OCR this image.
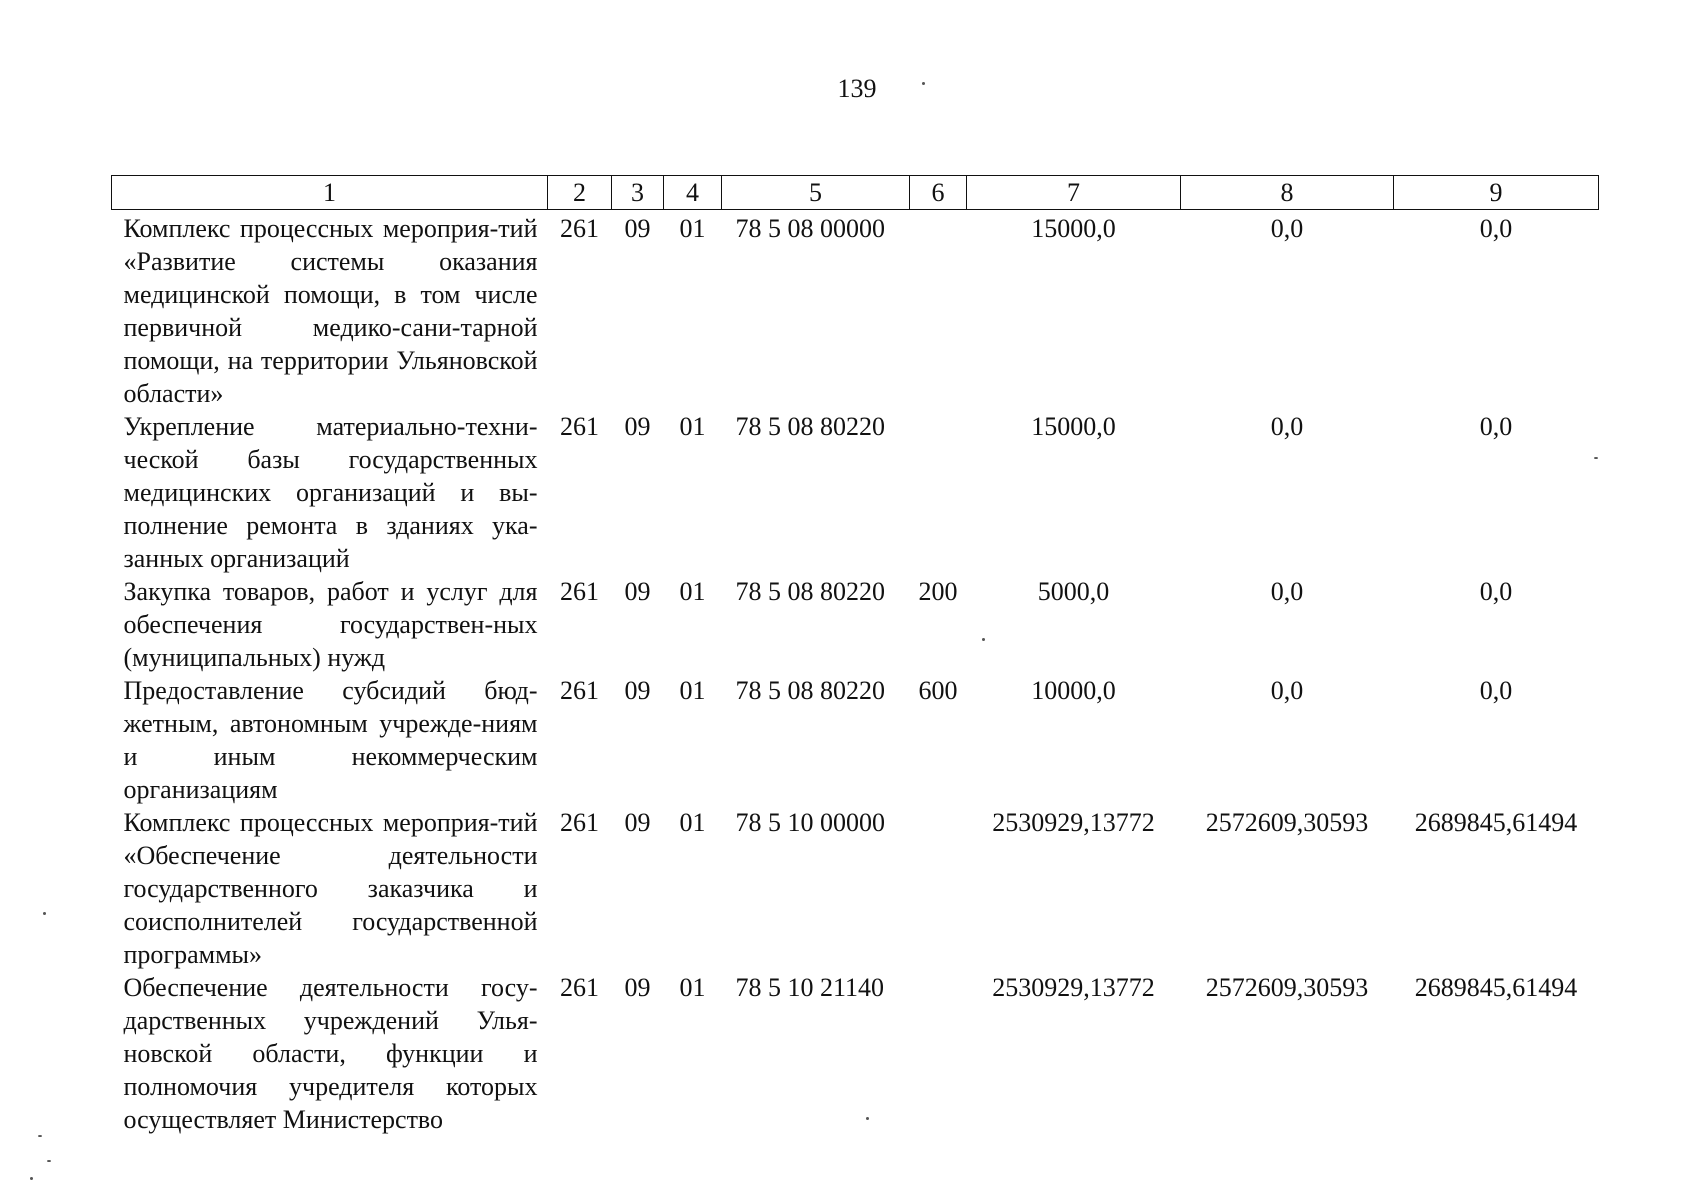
139
1	2	3	4	5	6	7	8	9
Комплекс процессных мероприя-тий «Развитие системы оказания медицинской помощи, в том числе первичной медико-сани-тарной помощи, на территории Ульяновской области»	261	09	01	78 5 08 00000		15000,0	0,0	0,0
Укрепление материально-техни-ческой базы государственных медицинских организаций и вы-полнение ремонта в зданиях ука-занных организаций	261	09	01	78 5 08 80220		15000,0	0,0	0,0
Закупка товаров, работ и услуг для обеспечения государствен-ных (муниципальных) нужд	261	09	01	78 5 08 80220	200	5000,0	0,0	0,0
Предоставление субсидий бюд-жетным, автономным учрежде-ниям и иным некоммерческим организациям	261	09	01	78 5 08 80220	600	10000,0	0,0	0,0
Комплекс процессных мероприя-тий «Обеспечение деятельности государственного заказчика и соисполнителей государственной программы»	261	09	01	78 5 10 00000		2530929,13772	2572609,30593	2689845,61494
Обеспечение деятельности госу-дарственных учреждений Улья-новской области, функции и полномочия учредителя которых осуществляет Министерство	261	09	01	78 5 10 21140		2530929,13772	2572609,30593	2689845,61494
